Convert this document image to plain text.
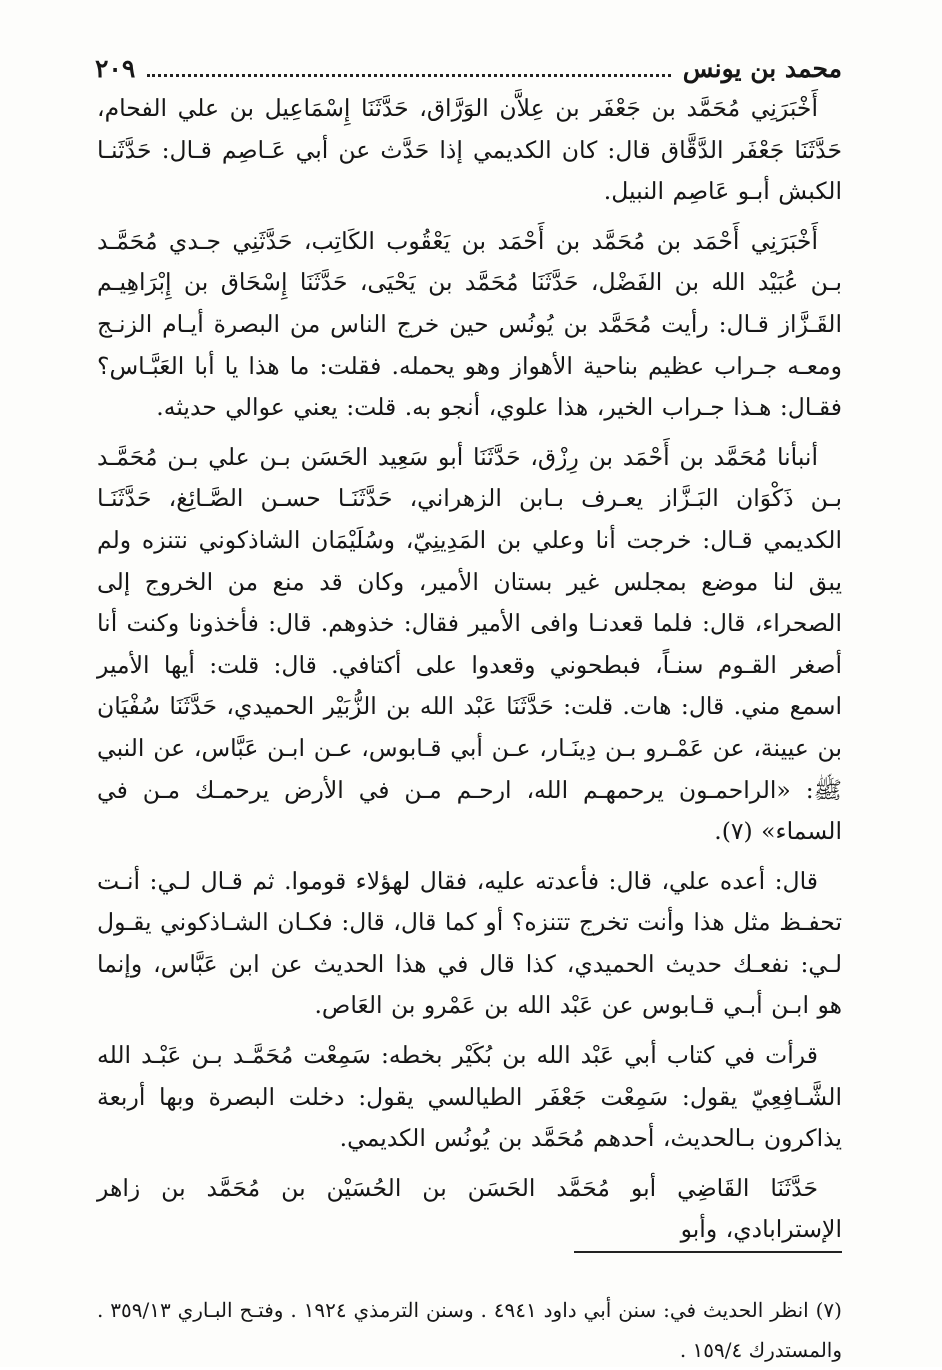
محمد بن يونس
٢٠٩

أَخْبَرَنِي مُحَمَّد بن جَعْفَر بن عِلاَّن الوَرَّاق، حَدَّثَنَا إِسْمَاعِيل بن علي الفحام، حَدَّثَنَا جَعْفَر الدَّقَّاق قال: كان الكديمي إذا حَدَّث عن أبي عَـاصِم قـال: حَدَّثَنـا الكبش أبـو عَاصِم النبيل.

أَخْبَرَنِي أَحْمَد بن مُحَمَّد بن أَحْمَد بن يَعْقُوب الكَاتِب، حَدَّثَنِي جـدي مُحَمَّـد بـن عُبَيْد الله بن الفَضْل، حَدَّثَنَا مُحَمَّد بن يَحْيَى، حَدَّثَنَا إِسْحَاق بن إِبْرَاهِيـم القَـزَّاز قـال: رأيت مُحَمَّد بن يُونُس حين خرج الناس من البصرة أيـام الزنـج ومعـه جـراب عظيم بناحية الأهواز وهو يحمله. فقلت: ما هذا يا أبا العَبَّـاس؟ فقـال: هـذا جـراب الخير، هذا علوي، أنجو به. قلت: يعني عوالي حديثه.

أنبأنا مُحَمَّد بن أَحْمَد بن رِزْق، حَدَّثَنَا أبو سَعِيد الحَسَن بـن علي بـن مُحَمَّـد بـن ذَكْوَان البَـزَّاز يعـرف بـابن الزهراني، حَدَّثَنَـا حسـن الصَّـائِغ، حَدَّثَنَـا الكديمي قـال: خرجت أنا وعلي بن المَدِينِيّ، وسُلَيْمَان الشاذكوني نتنزه ولم يبق لنا موضع بمجلس غير بستان الأمير، وكان قد منع من الخروج إلى الصحراء، قال: فلما قعدنـا وافى الأمير فقال: خذوهم. قال: فأخذونا وكنت أنا أصغر القـوم سنـاً، فبطحوني وقعدوا على أكتافي. قال: قلت: أيها الأمير اسمع مني. قال: هات. قلت: حَدَّثَنَا عَبْد الله بن الزُّبَيْر الحميدي، حَدَّثَنَا سُفْيَان بن عيينة، عن عَمْـرو بـن دِينَـار، عـن أبي قـابوس، عـن ابـن عَبَّاس، عن النبي ﷺ: «الراحمـون يرحمهـم الله، ارحـم مـن في الأرض يرحمـك مـن في السماء» (٧).

قال: أعده علي، قال: فأعدته عليه، فقال لهؤلاء قوموا. ثم قـال لـي: أنـت تحفـظ مثل هذا وأنت تخرج تتنزه؟ أو كما قال، قال: فكـان الشـاذكوني يقـول لـي: نفعـك حديث الحميدي، كذا قال في هذا الحديث عن ابن عَبَّاس، وإنما هو ابـن أبـي قـابوس عن عَبْد الله بن عَمْرو بن العَاص.

قرأت في كتاب أبي عَبْد الله بن بُكَيْر بخطه: سَمِعْت مُحَمَّـد بـن عَبْـد الله الشَّـافِعِيّ يقول: سَمِعْت جَعْفَر الطيالسي يقول: دخلت البصرة وبها أربعة يذاكرون بـالحديث، أحدهم مُحَمَّد بن يُونُس الكديمي.

حَدَّثَنَا القَاضِي أبو مُحَمَّد الحَسَن بن الحُسَيْن بن مُحَمَّد بن زاهر الإسترابادي، وأبو

(٧) انظر الحديث في: سنن أبي داود ٤٩٤١ . وسنن الترمذي ١٩٢٤ . وفتـح البـاري ٣٥٩/١٣ . والمستدرك ١٥٩/٤ .
